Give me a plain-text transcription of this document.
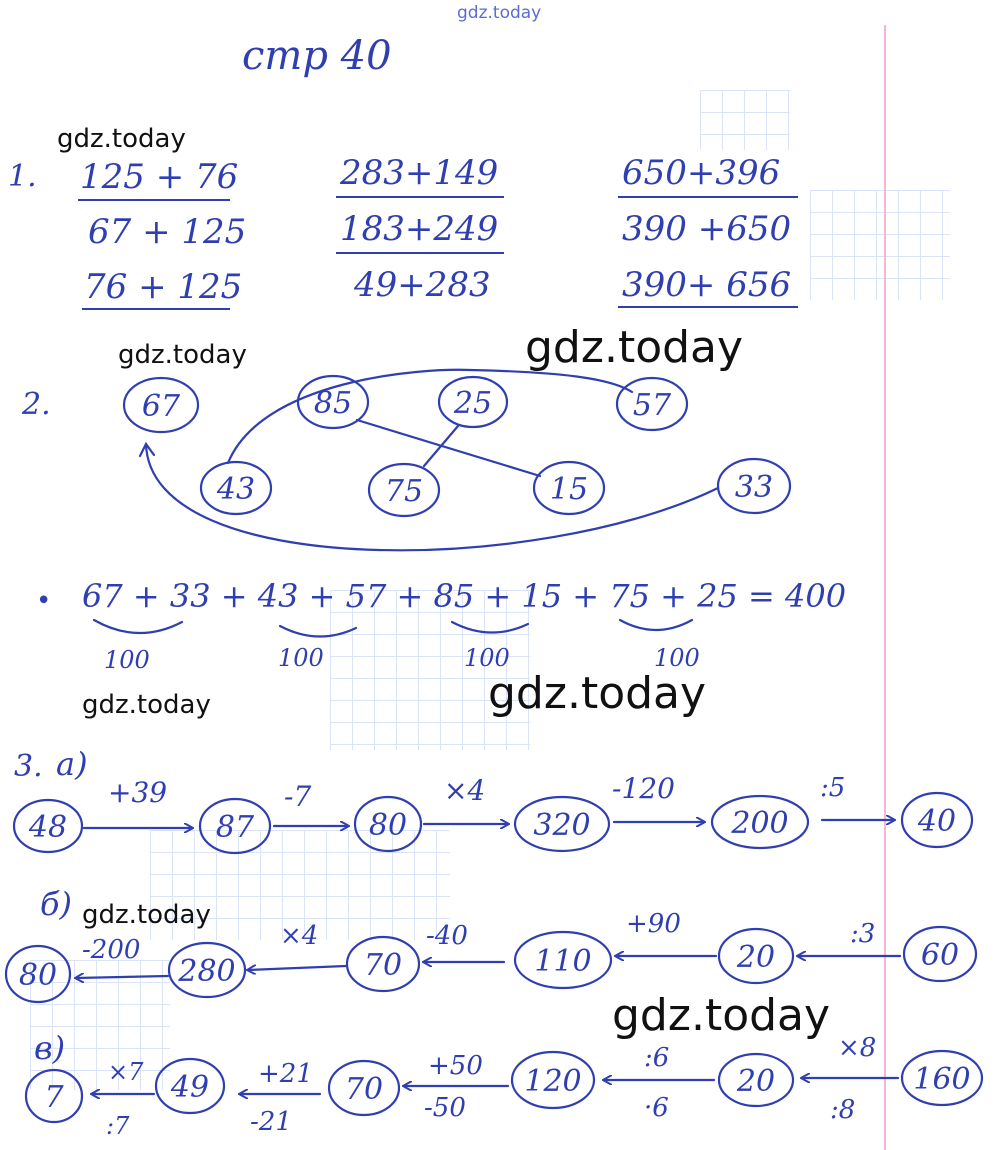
gdz.today
gdz.today
gdz.today	gdz.today
gdz.today	gdz.today
gdz.today
gdz.today
стр 40
1. 125 + 76
67 + 125
76 + 125
283+149
183+249
49+283
650+396
390 +650
390+ 656
2.
• 67 + 33 + 43 + 57 + 85 + 15 + 75 + 25 = 400
100	100	100	100
3. а)
б)
в)
67	85	25	57
43	75	15	33
48	87	80	320	200	40
+39	-7	×4	-120	:5
80	280	70	110	20	60
-200	×4	-40	+90	:3
7	49	70	120	20	160
×7
:7
+21
-21
+50
-50
:6
·6
×8
:8
